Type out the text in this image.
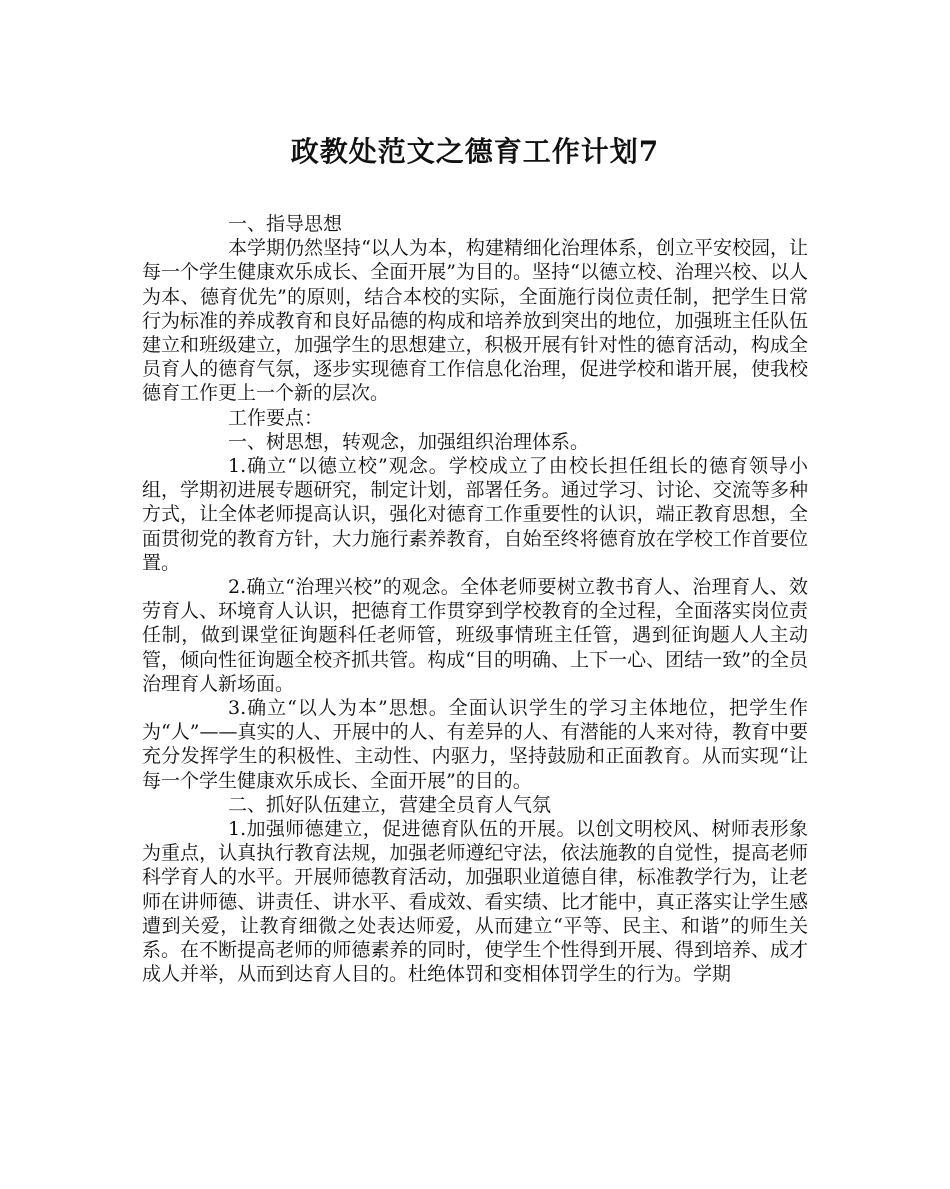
政教处范文之德育工作计划7

一、指导思想

本学期仍然坚持“以人为本，构建精细化治理体系，创立平安校园，让每一个学生健康欢乐成长、全面开展”为目的。坚持“以德立校、治理兴校、以人为本、德育优先”的原则，结合本校的实际，全面施行岗位责任制，把学生日常行为标准的养成教育和良好品德的构成和培养放到突出的地位，加强班主任队伍建立和班级建立，加强学生的思想建立，积极开展有针对性的德育活动，构成全员育人的德育气氛，逐步实现德育工作信息化治理，促进学校和谐开展，使我校德育工作更上一个新的层次。

工作要点：

一、树思想，转观念，加强组织治理体系。

1.确立“以德立校”观念。学校成立了由校长担任组长的德育领导小组，学期初进展专题研究，制定计划，部署任务。通过学习、讨论、交流等多种方式，让全体老师提高认识，强化对德育工作重要性的认识，端正教育思想，全面贯彻党的教育方针，大力施行素养教育，自始至终将德育放在学校工作首要位置。

2.确立“治理兴校”的观念。全体老师要树立教书育人、治理育人、效劳育人、环境育人认识，把德育工作贯穿到学校教育的全过程，全面落实岗位责任制，做到课堂征询题科任老师管，班级事情班主任管，遇到征询题人人主动管，倾向性征询题全校齐抓共管。构成“目的明确、上下一心、团结一致”的全员治理育人新场面。

3.确立“以人为本”思想。全面认识学生的学习主体地位，把学生作为“人”——真实的人、开展中的人、有差异的人、有潜能的人来对待，教育中要充分发挥学生的积极性、主动性、内驱力，坚持鼓励和正面教育。从而实现“让每一个学生健康欢乐成长、全面开展”的目的。

二、抓好队伍建立，营建全员育人气氛

1.加强师德建立，促进德育队伍的开展。以创文明校风、树师表形象为重点，认真执行教育法规，加强老师遵纪守法，依法施教的自觉性，提高老师科学育人的水平。开展师德教育活动，加强职业道德自律，标准教学行为，让老师在讲师德、讲责任、讲水平、看成效、看实绩、比才能中，真正落实让学生感遭到关爱，让教育细微之处表达师爱，从而建立“平等、民主、和谐”的师生关系。在不断提高老师的师德素养的同时，使学生个性得到开展、得到培养、成才成人并举，从而到达育人目的。杜绝体罚和变相体罚学生的行为。学期
